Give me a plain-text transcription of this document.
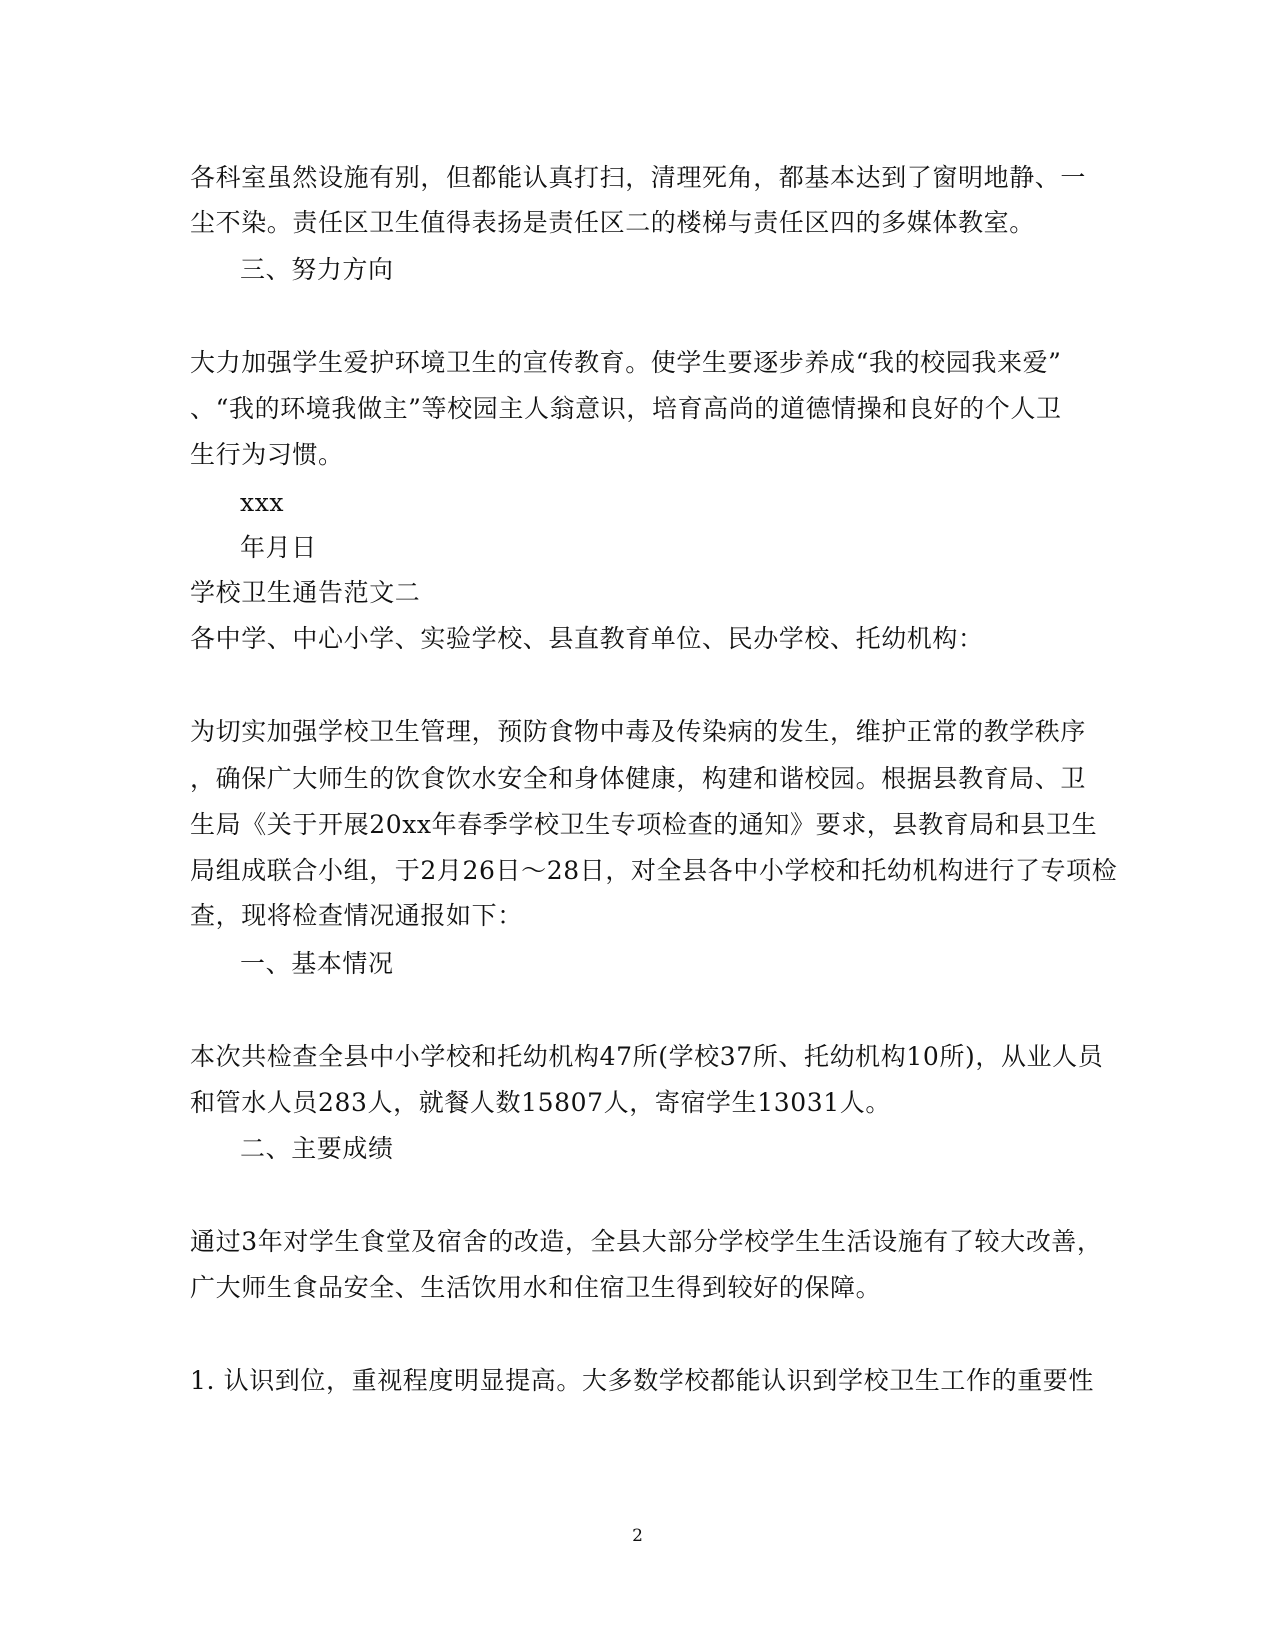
各科室虽然设施有别，但都能认真打扫，清理死角，都基本达到了窗明地静、一
尘不染。责任区卫生值得表扬是责任区二的楼梯与责任区四的多媒体教室。
三、努力方向
大力加强学生爱护环境卫生的宣传教育。使学生要逐步养成“我的校园我来爱”
、“我的环境我做主”等校园主人翁意识，培育高尚的道德情操和良好的个人卫
生行为习惯。
xxx
年月日
学校卫生通告范文二
各中学、中心小学、实验学校、县直教育单位、民办学校、托幼机构：
为切实加强学校卫生管理，预防食物中毒及传染病的发生，维护正常的教学秩序
，确保广大师生的饮食饮水安全和身体健康，构建和谐校园。根据县教育局、卫
生局《关于开展20xx年春季学校卫生专项检查的通知》要求，县教育局和县卫生
局组成联合小组，于2月26日～28日，对全县各中小学校和托幼机构进行了专项检
查，现将检查情况通报如下：
一、基本情况
本次共检查全县中小学校和托幼机构47所(学校37所、托幼机构10所)，从业人员
和管水人员283人，就餐人数15807人，寄宿学生13031人。
二、主要成绩
通过3年对学生食堂及宿舍的改造，全县大部分学校学生生活设施有了较大改善，
广大师生食品安全、生活饮用水和住宿卫生得到较好的保障。
1. 认识到位，重视程度明显提高。大多数学校都能认识到学校卫生工作的重要性
2
